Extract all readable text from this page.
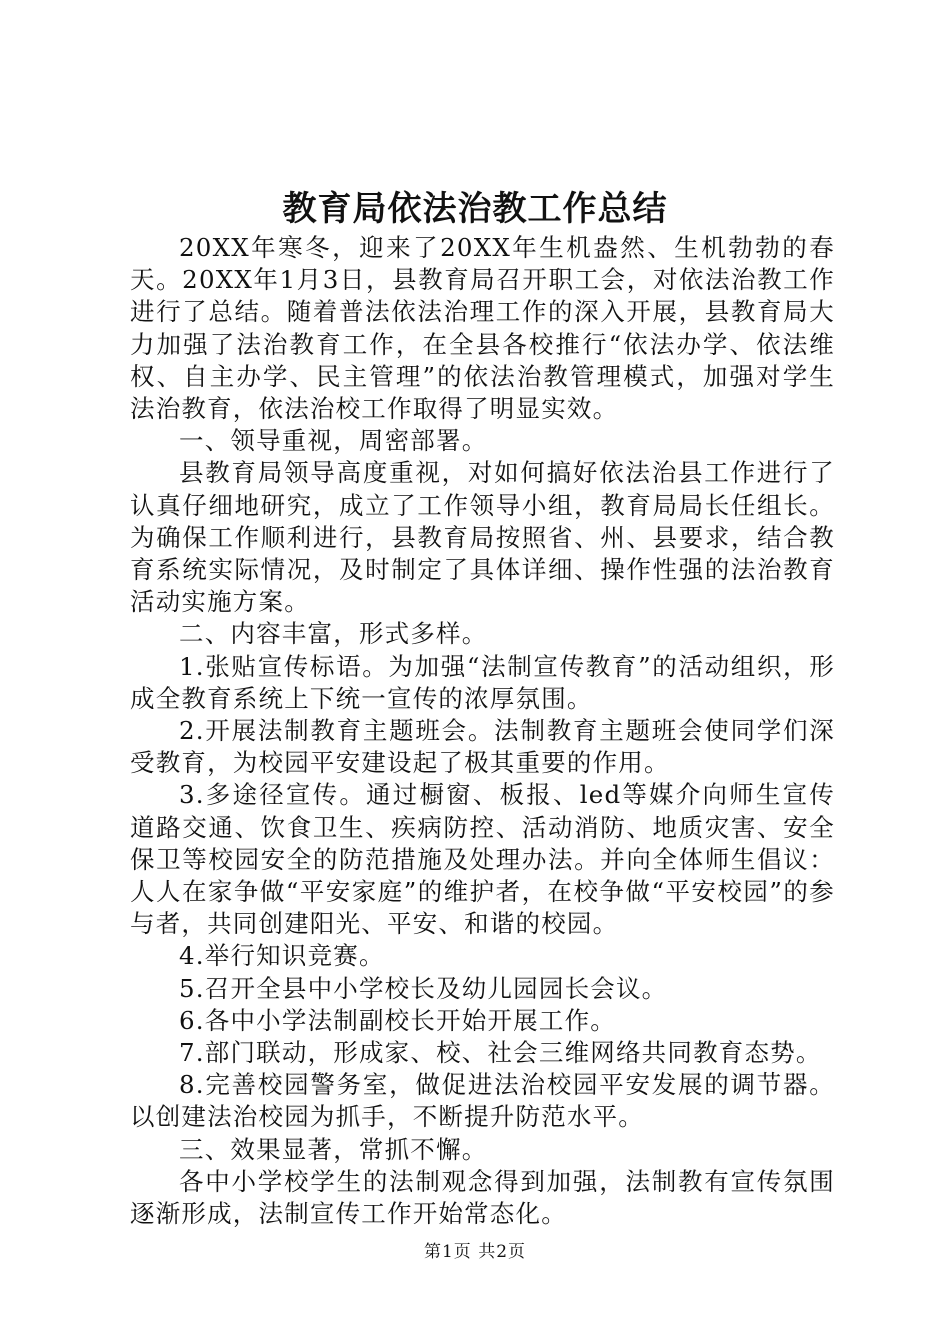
教育局依法治教工作总结

20XX年寒冬，迎来了20XX年生机盎然、生机勃勃的春天。20XX年1月3日，县教育局召开职工会，对依法治教工作进行了总结。随着普法依法治理工作的深入开展，县教育局大力加强了法治教育工作，在全县各校推行“依法办学、依法维权、自主办学、民主管理”的依法治教管理模式，加强对学生法治教育，依法治校工作取得了明显实效。

一、领导重视，周密部署。

县教育局领导高度重视，对如何搞好依法治县工作进行了认真仔细地研究，成立了工作领导小组，教育局局长任组长。为确保工作顺利进行，县教育局按照省、州、县要求，结合教育系统实际情况，及时制定了具体详细、操作性强的法治教育活动实施方案。

二、内容丰富，形式多样。

1.张贴宣传标语。为加强“法制宣传教育”的活动组织，形成全教育系统上下统一宣传的浓厚氛围。

2.开展法制教育主题班会。法制教育主题班会使同学们深受教育，为校园平安建设起了极其重要的作用。

3.多途径宣传。通过橱窗、板报、led等媒介向师生宣传道路交通、饮食卫生、疾病防控、活动消防、地质灾害、安全保卫等校园安全的防范措施及处理办法。并向全体师生倡议：人人在家争做“平安家庭”的维护者，在校争做“平安校园”的参与者，共同创建阳光、平安、和谐的校园。

4.举行知识竞赛。

5.召开全县中小学校长及幼儿园园长会议。

6.各中小学法制副校长开始开展工作。

7.部门联动，形成家、校、社会三维网络共同教育态势。

8.完善校园警务室，做促进法治校园平安发展的调节器。以创建法治校园为抓手，不断提升防范水平。

三、效果显著，常抓不懈。

各中小学校学生的法制观念得到加强，法制教有宣传氛围逐渐形成，法制宣传工作开始常态化。

第1页 共2页
